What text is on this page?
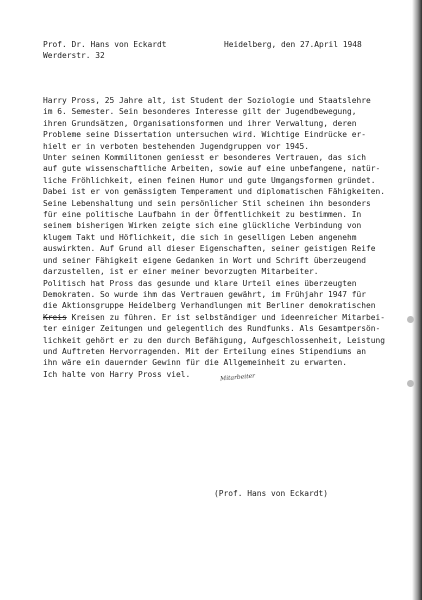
Prof. Dr. Hans von Eckardt
Werderstr. 32
Heidelberg, den 27.April 1948
Harry Pross, 25 Jahre alt, ist Student der Soziologie und Staatslehre
im 6. Semester. Sein besonderes Interesse gilt der Jugendbewegung,
ihren Grundsätzen, Organisationsformen und ihrer Verwaltung, deren
Probleme seine Dissertation untersuchen wird. Wichtige Eindrücke er-
hielt er in verboten bestehenden Jugendgruppen vor 1945.
Unter seinen Kommilitonen geniesst er besonderes Vertrauen, das sich
auf gute wissenschaftliche Arbeiten, sowie auf eine unbefangene, natür-
liche Fröhlichkeit, einen feinen Humor und gute Umgangsformen gründet.
Dabei ist er von gemässigtem Temperament und diplomatischen Fähigkeiten.
Seine Lebenshaltung und sein persönlicher Stil scheinen ihn besonders
für eine politische Laufbahn in der Öffentlichkeit zu bestimmen. In
seinem bisherigen Wirken zeigte sich eine glückliche Verbindung von
klugem Takt und Höflichkeit, die sich in geselligen Leben angenehm
auswirkten. Auf Grund all dieser Eigenschaften, seiner geistigen Reife
und seiner Fähigkeit eigene Gedanken in Wort und Schrift überzeugend
darzustellen, ist er einer meiner bevorzugten Mitarbeiter.
Politisch hat Pross das gesunde und klare Urteil eines überzeugten
Demokraten. So wurde ihm das Vertrauen gewährt, im Frühjahr 1947 für
die Aktionsgruppe Heidelberg Verhandlungen mit Berliner demokratischen
Kreis Kreisen zu führen. Er ist selbständiger und ideenreicher Mitarbei-
ter einiger Zeitungen und gelegentlich des Rundfunks. Als Gesamtpersön-
lichkeit gehört er zu den durch Befähigung, Aufgeschlossenheit, Leistung
und Auftreten Hervorragenden. Mit der Erteilung eines Stipendiums an
ihn wäre ein dauernder Gewinn für die Allgemeinheit zu erwarten.
Ich halte von Harry Pross viel.	Mitarbeiter
(Prof. Hans von Eckardt)
